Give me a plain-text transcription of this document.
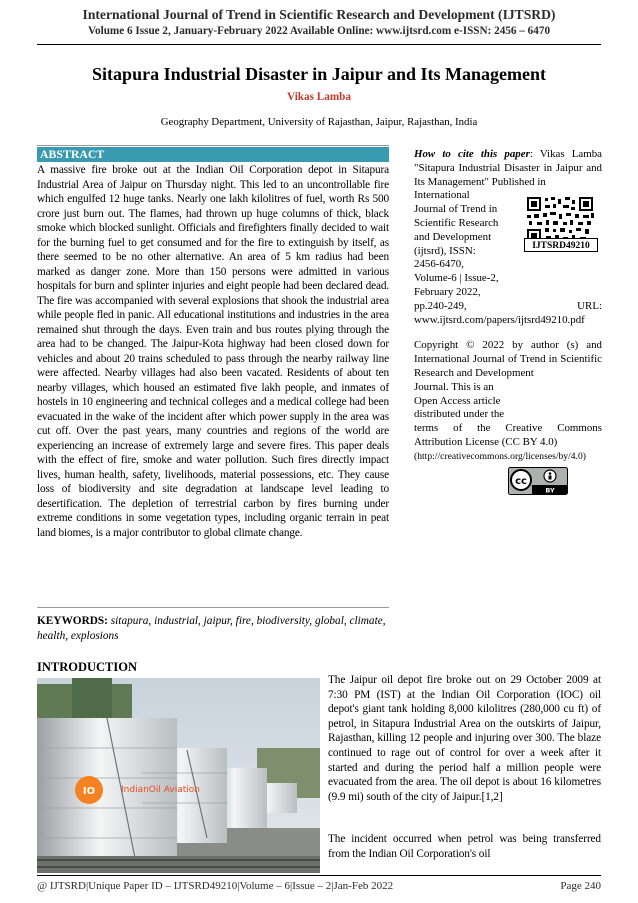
International Journal of Trend in Scientific Research and Development (IJTSRD)
Volume 6 Issue 2, January-February 2022 Available Online: www.ijtsrd.com e-ISSN: 2456 – 6470
Sitapura Industrial Disaster in Jaipur and Its Management
Vikas Lamba
Geography Department, University of Rajasthan, Jaipur, Rajasthan, India
ABSTRACT
A massive fire broke out at the Indian Oil Corporation depot in Sitapura Industrial Area of Jaipur on Thursday night. This led to an uncontrollable fire which engulfed 12 huge tanks. Nearly one lakh kilolitres of fuel, worth Rs 500 crore just burn out. The flames, had thrown up huge columns of thick, black smoke which blocked sunlight. Officials and firefighters finally decided to wait for the burning fuel to get consumed and for the fire to extinguish by itself, as there seemed to be no other alternative. An area of 5 km radius had been marked as danger zone. More than 150 persons were admitted in various hospitals for burn and splinter injuries and eight people had been declared dead. The fire was accompanied with several explosions that shook the industrial area while people fled in panic. All educational institutions and industries in the area remained shut through the days. Even train and bus routes plying through the area had to be changed. The Jaipur-Kota highway had been closed down for vehicles and about 20 trains scheduled to pass through the nearby railway line were affected. Nearby villages had also been vacated. Residents of about ten nearby villages, which housed an estimated five lakh people, and inmates of hostels in 10 engineering and technical colleges and a medical college had been evacuated in the wake of the incident after which power supply in the area was cut off. Over the past years, many countries and regions of the world are experiencing an increase of extremely large and severe fires. This paper deals with the effect of fire, smoke and water pollution. Such fires directly impact lives, human health, safety, livelihoods, material possessions, etc. They cause loss of biodiversity and site degradation at landscape level leading to desertification. The depletion of terrestrial carbon by fires burning under extreme conditions in some vegetation types, including organic terrain in peat land biomes, is a major contributor to global climate change.
KEYWORDS: sitapura, industrial, jaipur, fire, biodiversity, global, climate, health, explosions
How to cite this paper: Vikas Lamba "Sitapura Industrial Disaster in Jaipur and Its Management" Published in
International
Journal of Trend in
Scientific Research
and Development
(ijtsrd), ISSN:
2456-6470,
Volume-6 | Issue-2,
February 2022,
pp.240-249, URL: www.ijtsrd.com/papers/ijtsrd49210.pdf
Copyright © 2022 by author (s) and International Journal of Trend in Scientific Research and Development
Journal. This is an
Open Access article
distributed under the
terms of the Creative Commons Attribution License (CC BY 4.0)
(http://creativecommons.org/licenses/by/4.0)
IJTSRD49210
cc
BY
INTRODUCTION
IO	IndianOil Aviation
The Jaipur oil depot fire broke out on 29 October 2009 at 7:30 PM (IST) at the Indian Oil Corporation (IOC) oil depot's giant tank holding 8,000 kilolitres (280,000 cu ft) of petrol, in Sitapura Industrial Area on the outskirts of Jaipur, Rajasthan, killing 12 people and injuring over 300. The blaze continued to rage out of control for over a week after it started and during the period half a million people were evacuated from the area. The oil depot is about 16 kilometres (9.9 mi) south of the city of Jaipur.[1,2]
The incident occurred when petrol was being transferred from the Indian Oil Corporation's oil
@ IJTSRD | Unique Paper ID – IJTSRD49210 | Volume – 6 | Issue – 2 | Jan-Feb 2022	Page 240
